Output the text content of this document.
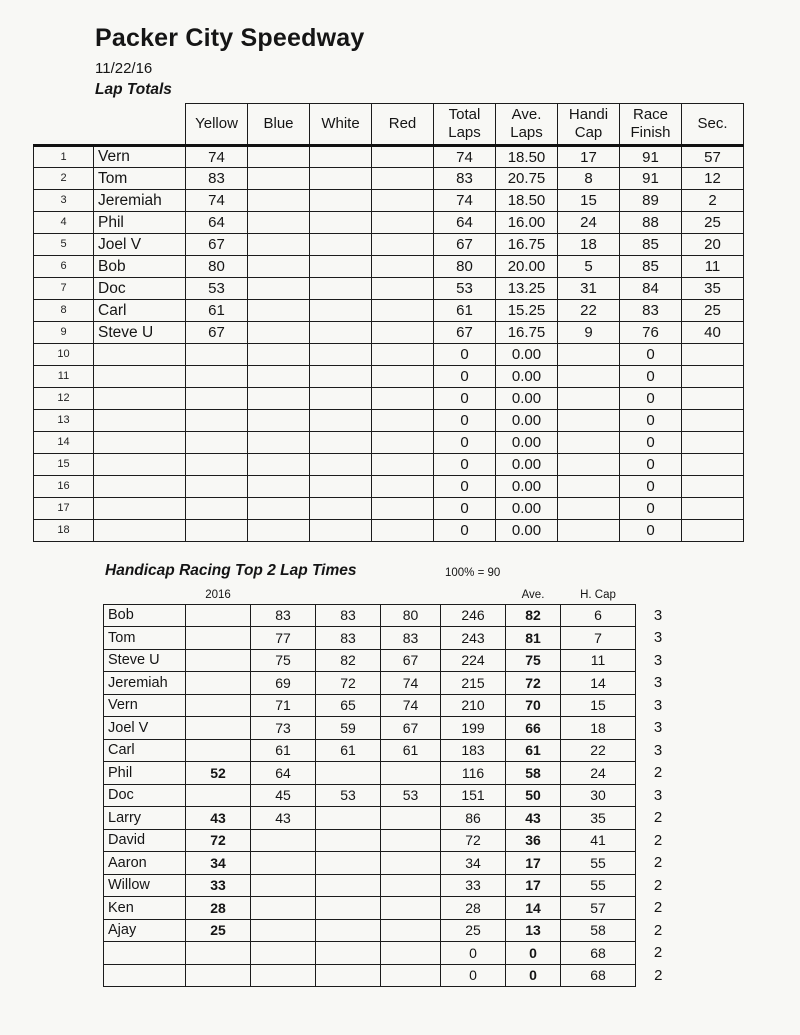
Packer City Speedway
11/22/16
Lap Totals
		Yellow	Blue	White	Red	Total Laps	Ave. Laps	Handi Cap	Race Finish	Sec.
1	Vern	74				74	18.50	17	91	57
2	Tom	83				83	20.75	8	91	12
3	Jeremiah	74				74	18.50	15	89	2
4	Phil	64				64	16.00	24	88	25
5	Joel V	67				67	16.75	18	85	20
6	Bob	80				80	20.00	5	85	11
7	Doc	53				53	13.25	31	84	35
8	Carl	61				61	15.25	22	83	25
9	Steve U	67				67	16.75	9	76	40
10						0	0.00		0	
11						0	0.00		0	
12						0	0.00		0	
13						0	0.00		0	
14						0	0.00		0	
15						0	0.00		0	
16						0	0.00		0	
17						0	0.00		0	
18						0	0.00		0	
Handicap Racing Top 2 Lap Times	100% = 90
	2016					Ave.	H. Cap	
Bob		83	83	80	246	82	6	3
Tom		77	83	83	243	81	7	3
Steve U		75	82	67	224	75	11	3
Jeremiah		69	72	74	215	72	14	3
Vern		71	65	74	210	70	15	3
Joel V		73	59	67	199	66	18	3
Carl		61	61	61	183	61	22	3
Phil	52	64			116	58	24	2
Doc		45	53	53	151	50	30	3
Larry	43	43			86	43	35	2
David	72				72	36	41	2
Aaron	34				34	17	55	2
Willow	33				33	17	55	2
Ken	28				28	14	57	2
Ajay	25				25	13	58	2
					0	0	68	2
					0	0	68	2
